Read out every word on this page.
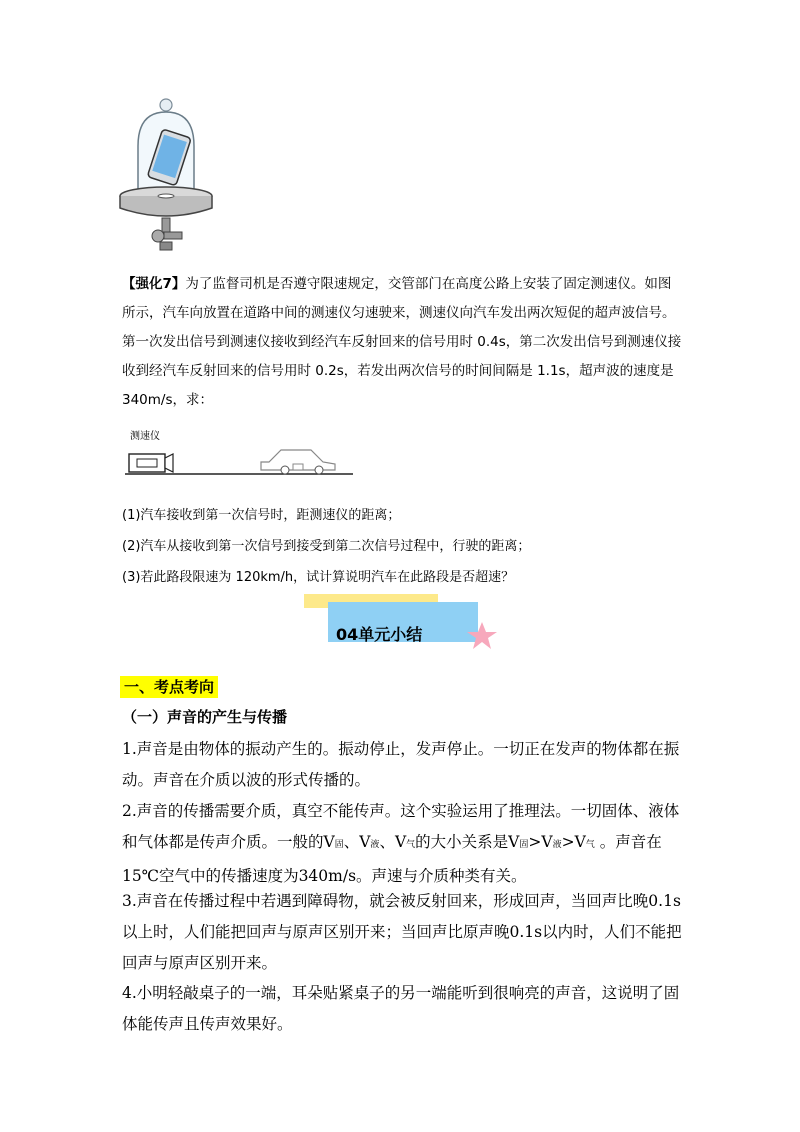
【强化7】为了监督司机是否遵守限速规定，交管部门在高度公路上安装了固定测速仪。如图所示，汽车向放置在道路中间的测速仪匀速驶来，测速仪向汽车发出两次短促的超声波信号。第一次发出信号到测速仪接收到经汽车反射回来的信号用时 0.4s，第二次发出信号到测速仪接收到经汽车反射回来的信号用时 0.2s，若发出两次信号的时间间隔是 1.1s，超声波的速度是 340m/s，求：
测速仪
(1)汽车接收到第一次信号时，距测速仪的距离；
(2)汽车从接收到第一次信号到接受到第二次信号过程中，行驶的距离；
(3)若此路段限速为 120km/h，试计算说明汽车在此路段是否超速？
04单元小结
一、考点考向
（一）声音的产生与传播
1.声音是由物体的振动产生的。振动停止，发声停止。一切正在发声的物体都在振动。声音在介质以波的形式传播的。
2.声音的传播需要介质，真空不能传声。这个实验运用了推理法。一切固体、液体和气体都是传声介质。一般的V固、V液、V气的大小关系是V固>V液>V气 。声音在15℃空气中的传播速度为340m/s。声速与介质种类有关。
3.声音在传播过程中若遇到障碍物，就会被反射回来，形成回声，当回声比晚0.1s以上时，人们能把回声与原声区别开来；当回声比原声晚0.1s以内时，人们不能把回声与原声区别开来。
4.小明轻敲桌子的一端，耳朵贴紧桌子的另一端能听到很响亮的声音，这说明了固体能传声且传声效果好。
